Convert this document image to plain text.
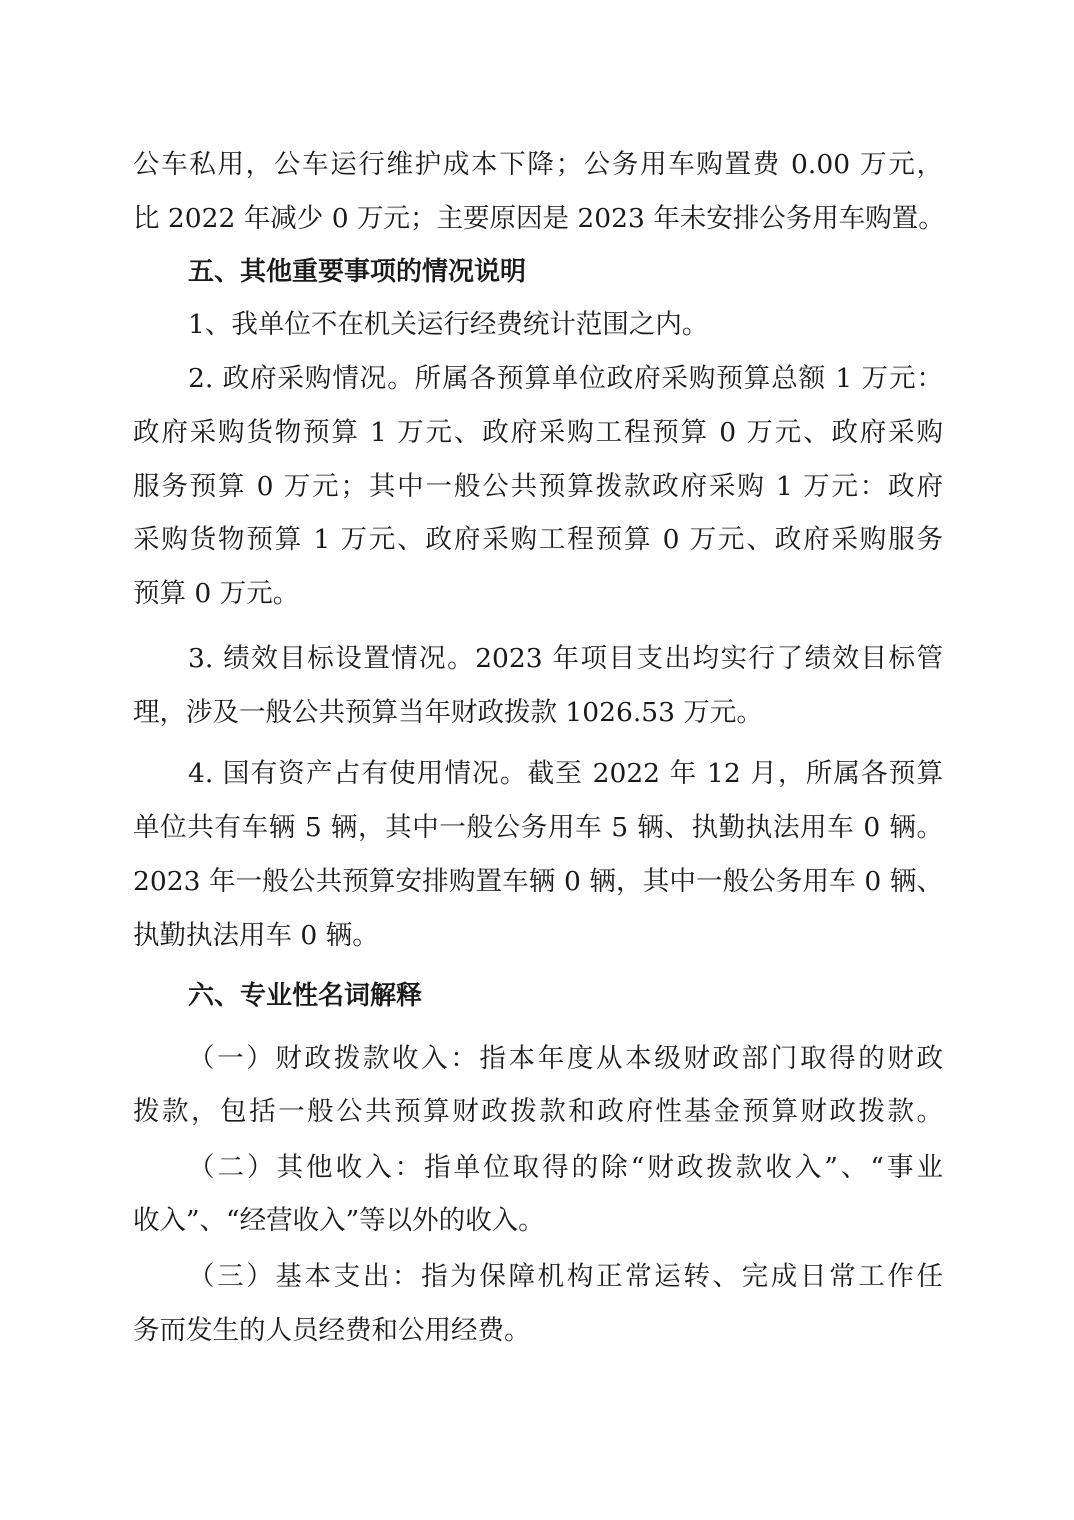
公车私用，公车运行维护成本下降；公务用车购置费 0.00 万元，
比 2022 年减少 0 万元；主要原因是 2023 年未安排公务用车购置。
五、其他重要事项的情况说明
1、我单位不在机关运行经费统计范围之内。
2. 政府采购情况。所属各预算单位政府采购预算总额 1 万元：
政府采购货物预算 1 万元、政府采购工程预算 0 万元、政府采购
服务预算 0 万元；其中一般公共预算拨款政府采购 1 万元：政府
采购货物预算 1 万元、政府采购工程预算 0 万元、政府采购服务
预算 0 万元。
3. 绩效目标设置情况。2023 年项目支出均实行了绩效目标管
理，涉及一般公共预算当年财政拨款 1026.53 万元。
4. 国有资产占有使用情况。截至 2022 年 12 月，所属各预算
单位共有车辆 5 辆，其中一般公务用车 5 辆、执勤执法用车 0 辆。
2023 年一般公共预算安排购置车辆 0 辆，其中一般公务用车 0 辆、
执勤执法用车 0 辆。
六、专业性名词解释
（一）财政拨款收入：指本年度从本级财政部门取得的财政
拨款，包括一般公共预算财政拨款和政府性基金预算财政拨款。
（二）其他收入：指单位取得的除“财政拨款收入”、“事业
收入”、“经营收入”等以外的收入。
（三）基本支出：指为保障机构正常运转、完成日常工作任
务而发生的人员经费和公用经费。
